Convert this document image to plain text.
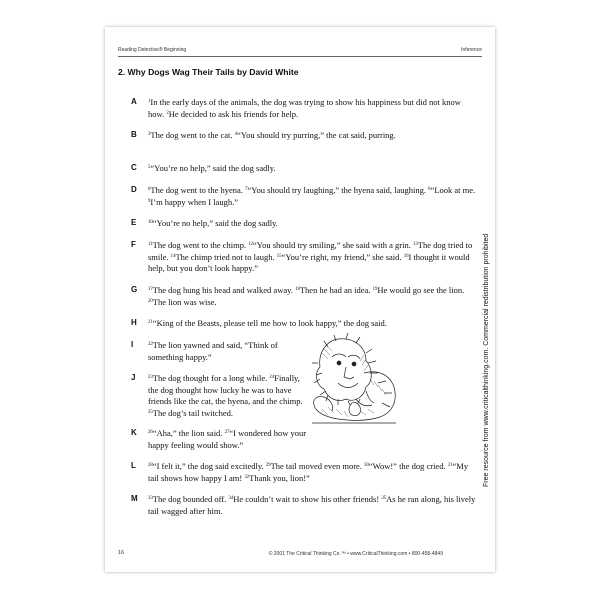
Reading Detective® Beginning	Inference
2. Why Dogs Wag Their Tails by David White
A $^1$In the early days of the animals, the dog was trying to show his happiness but did not know how. $^2$He decided to ask his friends for help.
B $^3$The dog went to the cat. $^4$“You should try purring,” the cat said, purring.
C $^5$“You’re no help,” said the dog sadly.
D $^6$The dog went to the hyena. $^7$“You should try laughing,” the hyena said, laughing. $^8$“Look at me. $^9$I’m happy when I laugh.”
E $^{10}$“You’re no help,” said the dog sadly.
F	$^{11}$The dog went to the chimp. $^{12}$“You should try smiling,” she said with a grin. $^{13}$The dog tried to smile. $^{14}$The chimp tried not to laugh. $^{15}$“You’re right, my friend,” she said. $^{16}$I thought it would help, but you don’t look happy.”
G $^{17}$The dog hung his head and walked away. $^{18}$Then he had an idea. $^{19}$He would go see the lion. $^{20}$The lion was wise.
H $^{21}$“King of the Beasts, please tell me how to look happy,” the dog said.
I	$^{22}$The lion yawned and said, “Think of something happy.”
J	$^{23}$The dog thought for a long while. $^{24}$Finally, the dog thought how lucky he was to have friends like the cat, the hyena, and the chimp. $^{25}$The dog’s tail twitched.
K $^{26}$“Aha,” the lion said. $^{27}$“I wondered how your happy feeling would show.”
L	$^{28}$“I felt it,” the dog said excitedly. $^{29}$The tail moved even more. $^{30}$“Wow!” the dog cried. $^{31}$“My tail shows how happy I am! $^{32}$Thank you, lion!”
M $^{33}$The dog bounded off. $^{34}$He couldn’t wait to show his other friends! $^{35}$As he ran along, his lively tail wagged after him.
Free resource from www.criticalthinking.com. Commercial redistribution prohibited
16	© 2001 The Critical Thinking Co.™ • www.CriticalThinking.com • 800-458-4849
